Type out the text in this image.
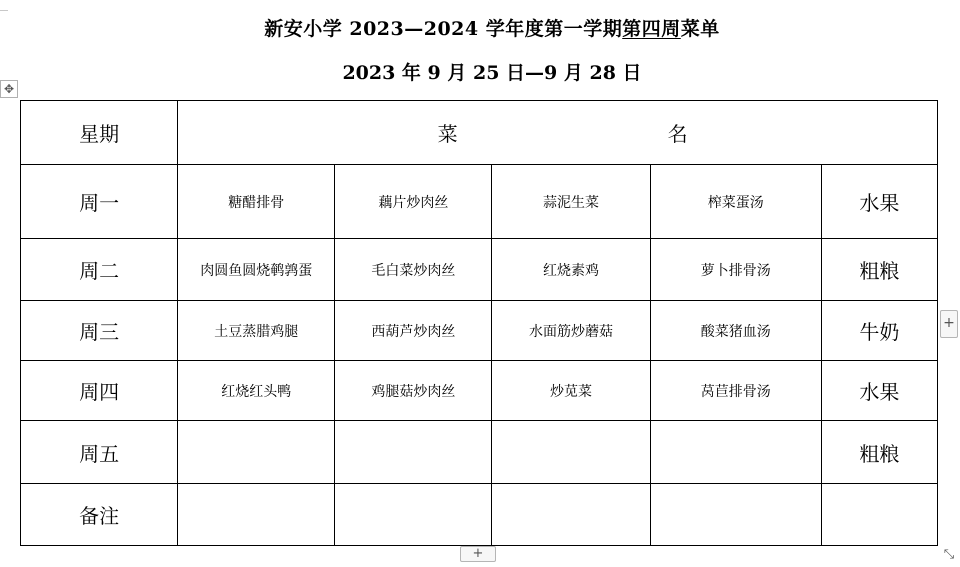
新安小学 2023—2024 学年度第一学期第四周菜单
2023 年 9 月 25 日—9 月 28 日
✥
星期	菜 名				

周一	糖醋排骨	藕片炒肉丝	蒜泥生菜	榨菜蛋汤	水果
周二	肉圆鱼圆烧鹌鹑蛋	毛白菜炒肉丝	红烧素鸡	萝卜排骨汤	粗粮
周三	土豆蒸腊鸡腿	西葫芦炒肉丝	水面筋炒蘑菇	酸菜猪血汤	牛奶
周四	红烧红头鸭	鸡腿菇炒肉丝	炒苋菜	莴苣排骨汤	水果
周五					粗粮
备注					
+
+	⤡
